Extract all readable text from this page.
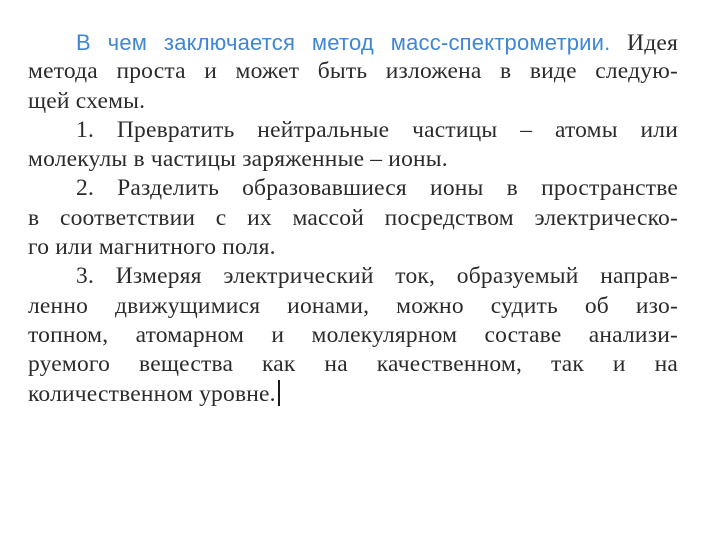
В чем заключается метод масс-спектрометрии. Идея
метода проста и может быть изложена в виде следую-
щей схемы.
1. Превратить нейтральные частицы – атомы или
молекулы в частицы заряженные – ионы.
2. Разделить образовавшиеся ионы в пространстве
в соответствии с их массой посредством электрическо-
го или магнитного поля.
3. Измеряя электрический ток, образуемый направ-
ленно движущимися ионами, можно судить об изо-
топном, атомарном и молекулярном составе анализи-
руемого вещества как на качественном, так и на
количественном уровне.
